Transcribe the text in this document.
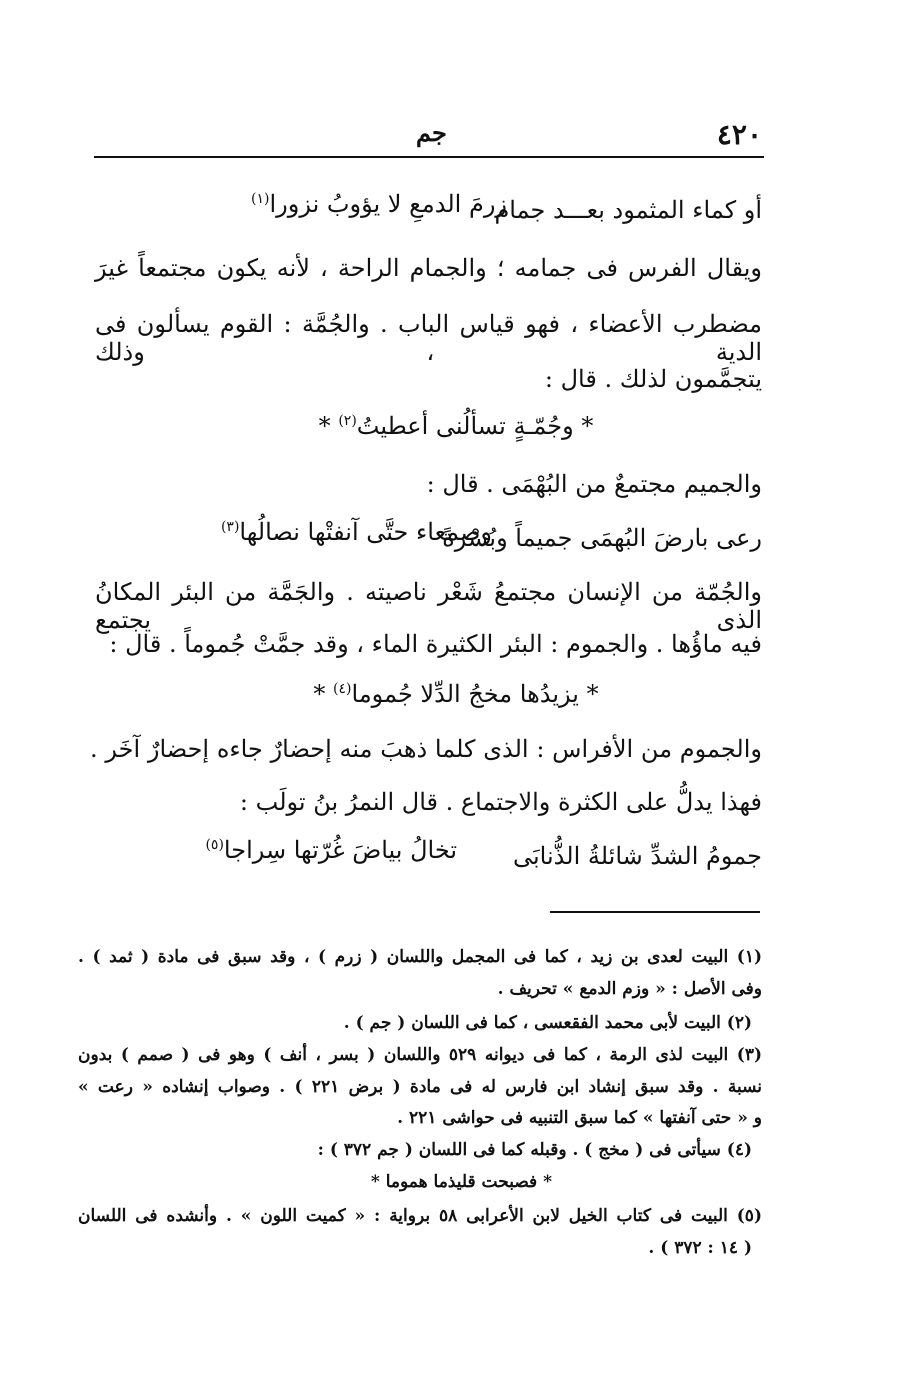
٤٢٠
جم
أو كماء المثمود بعـــد جمام
زرمَ الدمعِ لا يؤوبُ نزورا$^{(١)}$
ويقال الفرس فى جمامه ؛ والجمام الراحة ، لأنه يكون مجتمعاً غيرَ
مضطرب الأعضاء ، فهو قياس الباب . والجُمَّة : القوم يسألون فى الدية ، وذلك
يتجمَّمون لذلك . قال :
* وجُمّـةٍ تسألُنى أعطيتُ$^{(٢)}$ *
والجميم مجتمعٌ من البُهْمَى . قال :
رعى بارضَ البُهمَى جميماً وبُسْرةً
وصمعاء حتَّى آنفتْها نصالُها$^{(٣)}$
والجُمّة من الإنسان مجتمعُ شَعْر ناصيته . والجَمَّة من البئر المكانُ الذى يجتمع
فيه ماؤُها . والجموم : البئر الكثيرة الماء ، وقد جمَّتْ جُموماً . قال :
* يزيدُها مخجُ الدِّلا جُموما$^{(٤)}$ *
والجموم من الأفراس : الذى كلما ذهبَ منه إحضارٌ جاءه إحضارٌ آخَر .
فهذا يدلُّ على الكثرة والاجتماع . قال النمرُ بنُ تولَب :
جمومُ الشدِّ شائلةُ الذُّنابَى
تخالُ بياضَ غُرّتها سِراجا$^{(٥)}$
(١) البيت لعدى بن زيد ، كما فى المجمل واللسان ( زرم ) ، وقد سبق فى مادة ( ثمد ) .
وفى الأصل : « وزم الدمع » تحريف .
(٢) البيت لأبى محمد الفقعسى ، كما فى اللسان ( جم ) .
(٣) البيت لذى الرمة ، كما فى ديوانه ٥٢٩ واللسان ( بسر ، أنف ) وهو فى ( صمم ) بدون
نسبة . وقد سبق إنشاد ابن فارس له فى مادة ( برض ٢٢١ ) . وصواب إنشاده « رعت »
و « حتى آنفتها » كما سبق التنبيه فى حواشى ٢٢١ .
(٤) سيأتى فى ( مخج ) . وقبله كما فى اللسان ( جم ٣٧٢ ) :
* فصبحت قليذما هموما *
(٥) البيت فى كتاب الخيل لابن الأعرابى ٥٨ برواية : « كميت اللون » . وأنشده فى اللسان
( ١٤ : ٣٧٢ ) .
